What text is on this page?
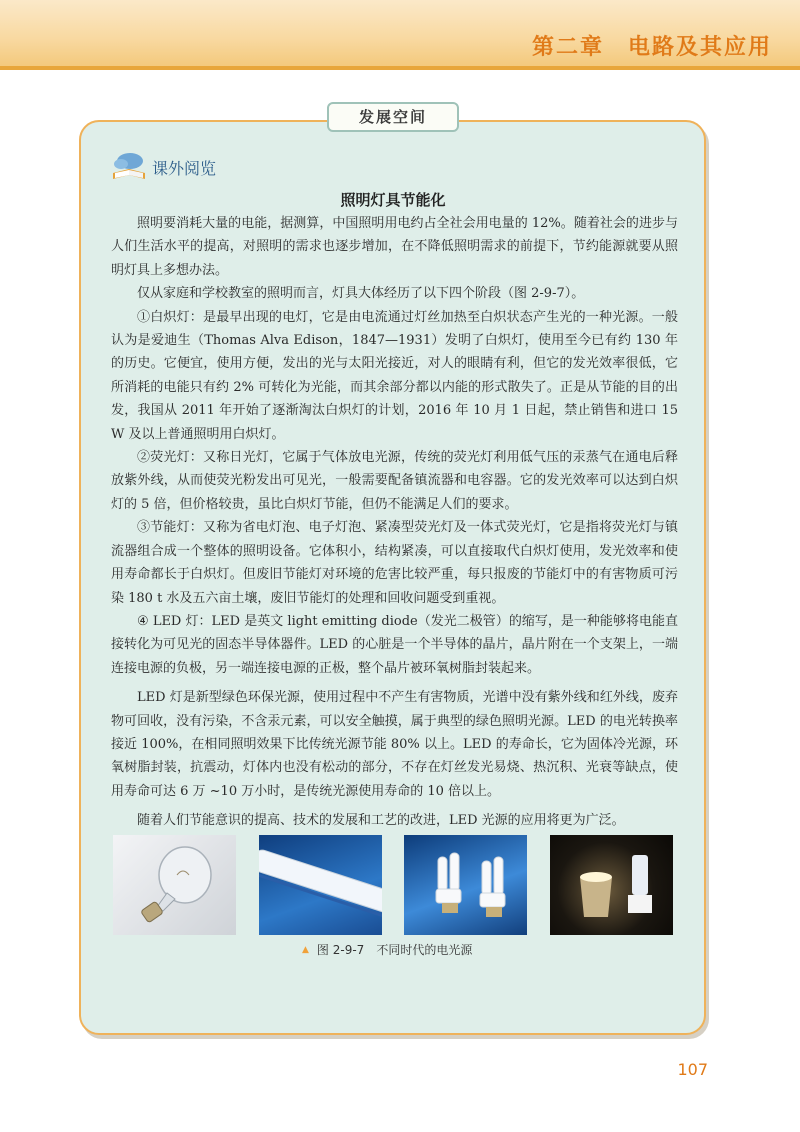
第二章　电路及其应用
发展空间
课外阅览
照明灯具节能化

照明要消耗大量的电能，据测算，中国照明用电约占全社会用电量的 12%。随着社会的进步与人们生活水平的提高，对照明的需求也逐步增加，在不降低照明需求的前提下，节约能源就要从照明灯具上多想办法。

仅从家庭和学校教室的照明而言，灯具大体经历了以下四个阶段（图 2-9-7）。

①白炽灯：是最早出现的电灯，它是由电流通过灯丝加热至白炽状态产生光的一种光源。一般认为是爱迪生（Thomas Alva Edison，1847—1931）发明了白炽灯，使用至今已有约 130 年的历史。它便宜，使用方便，发出的光与太阳光接近，对人的眼睛有利，但它的发光效率很低，它所消耗的电能只有约 2% 可转化为光能，而其余部分都以内能的形式散失了。正是从节能的目的出发，我国从 2011 年开始了逐渐淘汰白炽灯的计划，2016 年 10 月 1 日起，禁止销售和进口 15 W 及以上普通照明用白炽灯。

②荧光灯：又称日光灯，它属于气体放电光源，传统的荧光灯利用低气压的汞蒸气在通电后释放紫外线，从而使荧光粉发出可见光，一般需要配备镇流器和电容器。它的发光效率可以达到白炽灯的 5 倍，但价格较贵，虽比白炽灯节能，但仍不能满足人们的要求。

③节能灯：又称为省电灯泡、电子灯泡、紧凑型荧光灯及一体式荧光灯，它是指将荧光灯与镇流器组合成一个整体的照明设备。它体积小，结构紧凑，可以直接取代白炽灯使用，发光效率和使用寿命都长于白炽灯。但废旧节能灯对环境的危害比较严重，每只报废的节能灯中的有害物质可污染 180 t 水及五六亩土壤，废旧节能灯的处理和回收问题受到重视。

④ LED 灯：LED 是英文 light emitting diode（发光二极管）的缩写，是一种能够将电能直接转化为可见光的固态半导体器件。LED 的心脏是一个半导体的晶片，晶片附在一个支架上，一端连接电源的负极，另一端连接电源的正极，整个晶片被环氧树脂封装起来。

LED 灯是新型绿色环保光源，使用过程中不产生有害物质，光谱中没有紫外线和红外线，废弃物可回收，没有污染，不含汞元素，可以安全触摸，属于典型的绿色照明光源。LED 的电光转换率接近 100%，在相同照明效果下比传统光源节能 80% 以上。LED 的寿命长，它为固体冷光源，环氧树脂封装，抗震动，灯体内也没有松动的部分，不存在灯丝发光易烧、热沉积、光衰等缺点，使用寿命可达 6 万 ~10 万小时，是传统光源使用寿命的 10 倍以上。

随着人们节能意识的提高、技术的发展和工艺的改进，LED 光源的应用将更为广泛。

▲ 图 2-9-7 不同时代的电光源
107
